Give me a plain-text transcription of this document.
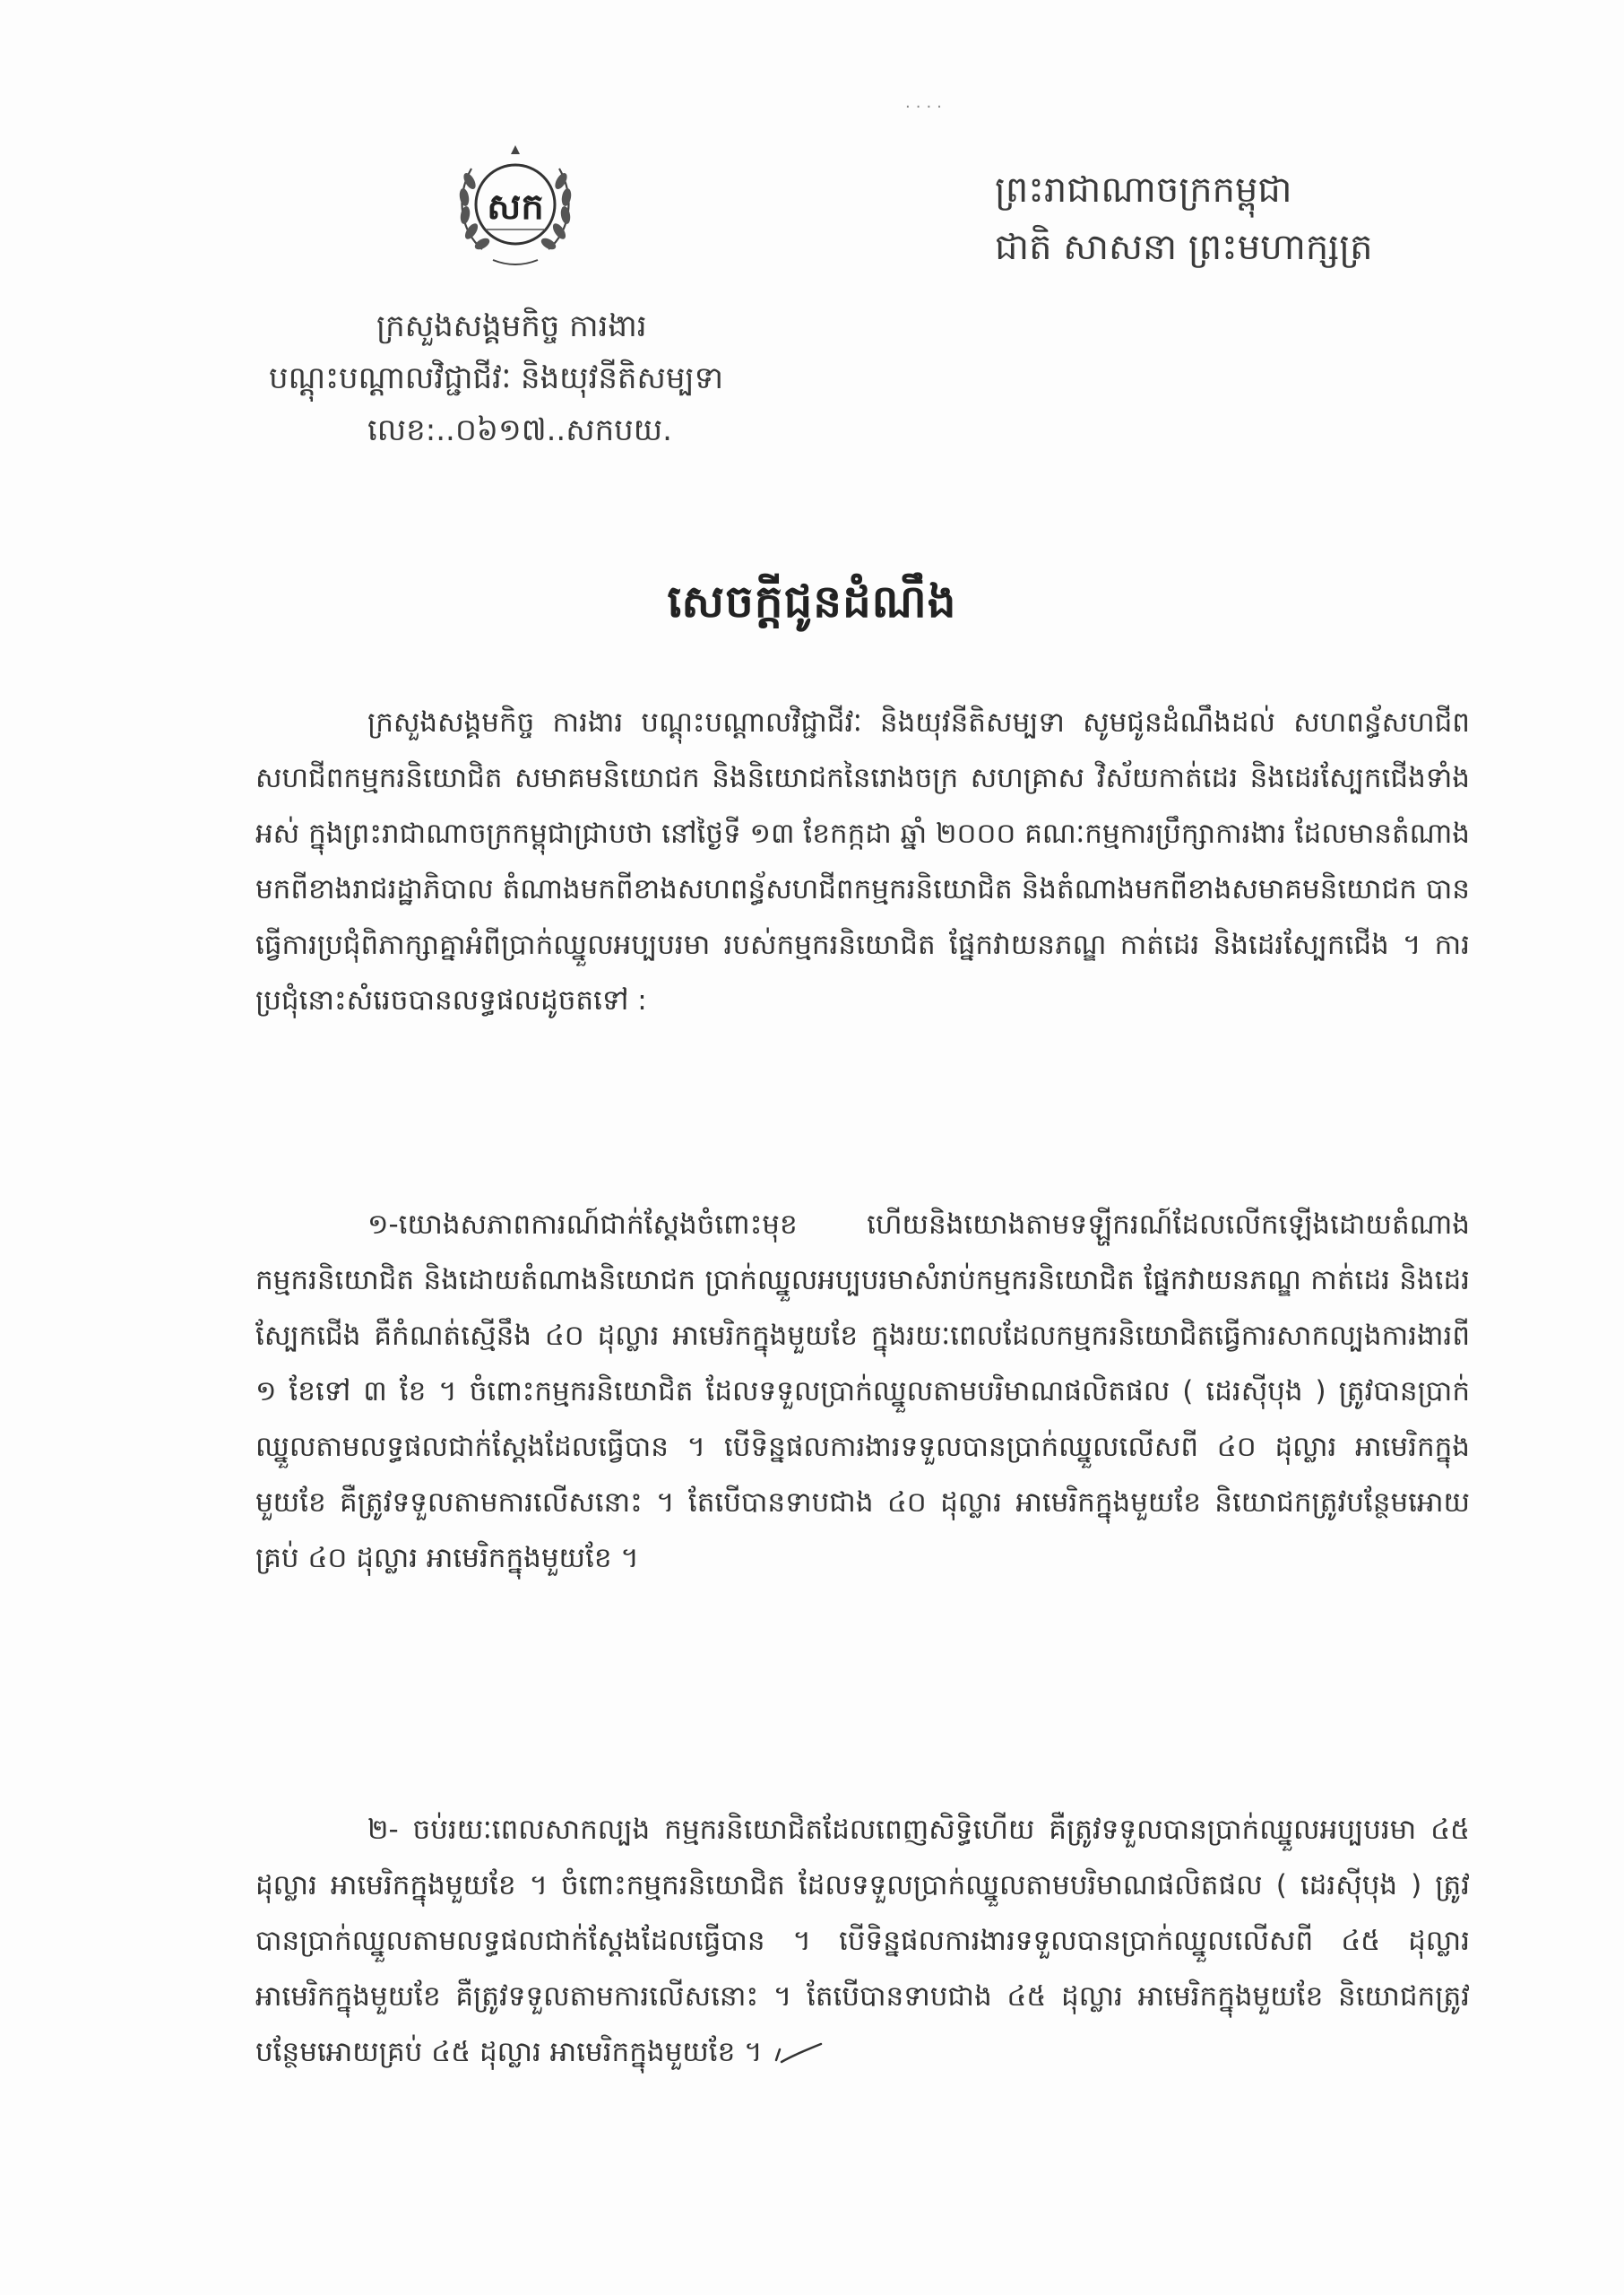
....
សក	ព្រះរាជាណាចក្រកម្ពុជា
ជាតិ សាសនា ព្រះមហាក្សត្រ
ក្រសួងសង្គមកិច្ច ការងារ
បណ្តុះបណ្តាលវិជ្ជាជីវៈ និងយុវនីតិសម្បទា
លេខ:..០៦១៧..សកបយ.
សេចក្តីជូនដំណឹង

ក្រសួងសង្គមកិច្ច ការងារ បណ្តុះបណ្តាលវិជ្ជាជីវៈ និងយុវនីតិសម្បទា សូមជូនដំណឹងដល់ សហពន្ធ័សហជីព សហជីពកម្មករនិយោជិត សមាគមនិយោជក និងនិយោជកនៃរោងចក្រ សហគ្រាស វិស័យកាត់ដេរ និងដេរស្បែកជើងទាំងអស់ ក្នុងព្រះរាជាណាចក្រកម្ពុជាជ្រាបថា នៅថ្ងៃទី ១៣ ខែកក្កដា ឆ្នាំ ២០០០ គណៈកម្មការប្រឹក្សាការងារ ដែលមានតំណាងមកពីខាងរាជរដ្ឋាភិបាល តំណាងមកពីខាងសហពន្ធ័សហជីពកម្មករនិយោជិត និងតំណាងមកពីខាងសមាគមនិយោជក បានធ្វើការប្រជុំពិភាក្សាគ្នាអំពីប្រាក់ឈ្នួលអប្បបរមា របស់កម្មករនិយោជិត ផ្នែកវាយនភណ្ឌ កាត់ដេរ និងដេរស្បែកជើង ។ ការប្រជុំនោះសំរេចបានលទ្ធផលដូចតទៅ :

១-យោងសភាពការណ៍ជាក់ស្តែងចំពោះមុខ ហើយនិងយោងតាមទឡ្ហីករណ៍ដែលលើកឡើងដោយតំណាងកម្មករនិយោជិត និងដោយតំណាងនិយោជក ប្រាក់ឈ្នួលអប្បបរមាសំរាប់កម្មករនិយោជិត ផ្នែកវាយនភណ្ឌ កាត់ដេរ និងដេរស្បែកជើង គឺកំណត់ស្មើនឹង ៤០ ដុល្លារ អាមេរិកក្នុងមួយខែ ក្នុងរយៈពេលដែលកម្មករនិយោជិតធ្វើការសាកល្បងការងារពី ១ ខែទៅ ៣ ខែ ។ ចំពោះកម្មករនិយោជិត ដែលទទួលប្រាក់ឈ្នួលតាមបរិមាណផលិតផល ( ដេរស៊ីបុង ) ត្រូវបានប្រាក់ឈ្នួលតាមលទ្ធផលជាក់ស្តែងដែលធ្វើបាន ។ បើទិន្នផលការងារទទួលបានប្រាក់ឈ្នួលលើសពី ៤០ ដុល្លារ អាមេរិកក្នុងមួយខែ គឺត្រូវទទួលតាមការលើសនោះ ។ តែបើបានទាបជាង ៤០ ដុល្លារ អាមេរិកក្នុងមួយខែ និយោជកត្រូវបន្ថែមអោយគ្រប់ ៤០ ដុល្លារ អាមេរិកក្នុងមួយខែ ។

២- ចប់រយៈពេលសាកល្បង កម្មករនិយោជិតដែលពេញសិទ្ធិហើយ គឺត្រូវទទួលបានប្រាក់ឈ្នួលអប្បបរមា ៤៥ ដុល្លារ អាមេរិកក្នុងមួយខែ ។ ចំពោះកម្មករនិយោជិត ដែលទទួលប្រាក់ឈ្នួលតាមបរិមាណផលិតផល ( ដេរស៊ីបុង ) ត្រូវបានប្រាក់ឈ្នួលតាមលទ្ធផលជាក់ស្តែងដែលធ្វើបាន ។ បើទិន្នផលការងារទទួលបានប្រាក់ឈ្នួលលើសពី ៤៥ ដុល្លារ អាមេរិកក្នុងមួយខែ គឺត្រូវទទួលតាមការលើសនោះ ។ តែបើបានទាបជាង ៤៥ ដុល្លារ អាមេរិកក្នុងមួយខែ និយោជកត្រូវបន្ថែមអោយគ្រប់ ៤៥ ដុល្លារ អាមេរិកក្នុងមួយខែ ។
